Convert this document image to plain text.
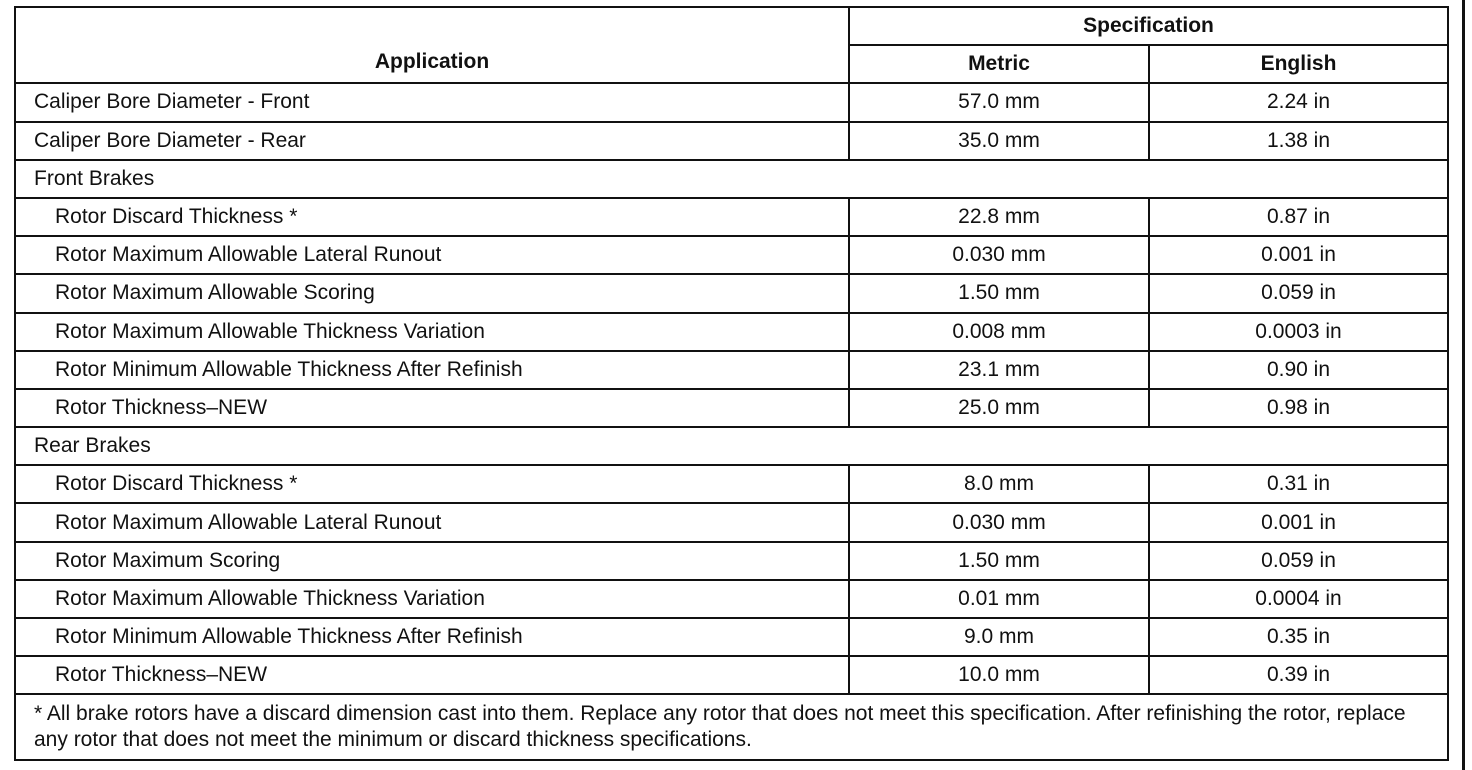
Application	Specification	
	Metric	English
Caliper Bore Diameter - Front	57.0 mm	2.24 in
Caliper Bore Diameter - Rear	35.0 mm	1.38 in
Front Brakes		
Rotor Discard Thickness *	22.8 mm	0.87 in
Rotor Maximum Allowable Lateral Runout	0.030 mm	0.001 in
Rotor Maximum Allowable Scoring	1.50 mm	0.059 in
Rotor Maximum Allowable Thickness Variation	0.008 mm	0.0003 in
Rotor Minimum Allowable Thickness After Refinish	23.1 mm	0.90 in
Rotor Thickness–NEW	25.0 mm	0.98 in
Rear Brakes		
Rotor Discard Thickness *	8.0 mm	0.31 in
Rotor Maximum Allowable Lateral Runout	0.030 mm	0.001 in
Rotor Maximum Scoring	1.50 mm	0.059 in
Rotor Maximum Allowable Thickness Variation	0.01 mm	0.0004 in
Rotor Minimum Allowable Thickness After Refinish	9.0 mm	0.35 in
Rotor Thickness–NEW	10.0 mm	0.39 in
* All brake rotors have a discard dimension cast into them. Replace any rotor that does not meet this specification. After refinishing the rotor, replace any rotor that does not meet the minimum or discard thickness specifications.		
